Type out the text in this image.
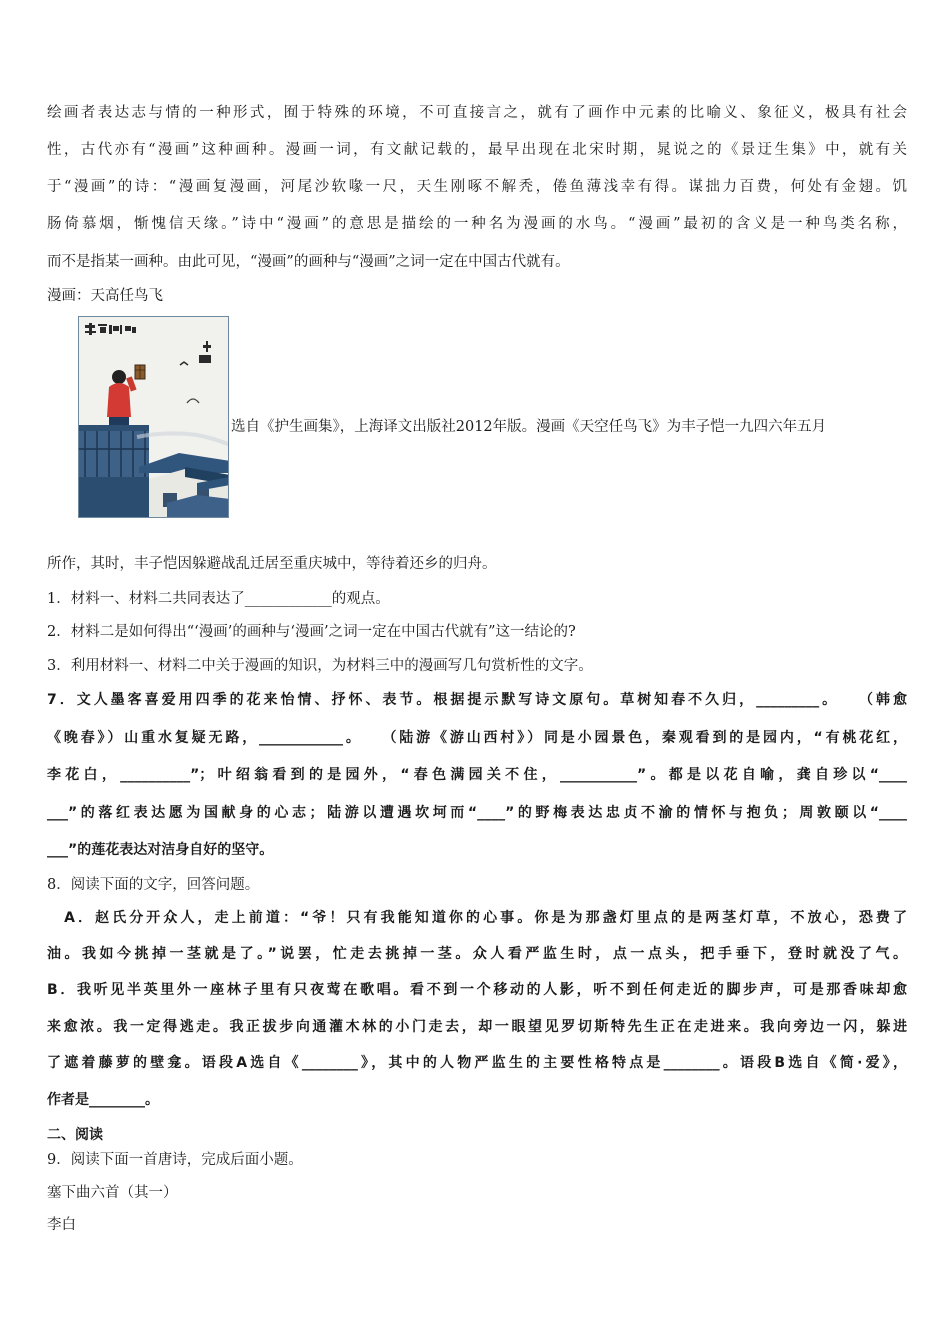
绘画者表达志与情的一种形式，囿于特殊的环境，不可直接言之，就有了画作中元素的比喻义、象征义，极具有社会
性，古代亦有“漫画”这种画种。漫画一词，有文献记载的，最早出现在北宋时期，晁说之的《景迂生集》中，就有关
于“漫画”的诗：“漫画复漫画，河尾沙软喙一尺，天生刚啄不解秃，倦鱼薄浅幸有得。谋拙力百费，何处有金翅。饥
肠倚慕烟，惭愧信天缘。”诗中“漫画”的意思是描绘的一种名为漫画的水鸟。“漫画”最初的含义是一种鸟类名称，
而不是指某一画种。由此可见，“漫画”的画种与“漫画”之词一定在中国古代就有。
漫画：天高任鸟飞
选自《护生画集》，上海译文出版社2012年版。漫画《天空任鸟飞》为丰子恺一九四六年五月
所作，其时，丰子恺因躲避战乱迁居至重庆城中，等待着还乡的归舟。
1．材料一、材料二共同表达了____________的观点。
2．材料二是如何得出“‘漫画’的画种与‘漫画’之词一定在中国古代就有”这一结论的?
3．利用材料一、材料二中关于漫画的知识，为材料三中的漫画写几句赏析性的文字。
7．文人墨客喜爱用四季的花来怡情、抒怀、表节。根据提示默写诗文原句。草树知春不久归，_________。　　（韩愈
《晚春》）山重水复疑无路，____________。　　（陆游《游山西村》）同是小园景色，秦观看到的是园内，“有桃花红，
李花白，__________”；叶绍翁看到的是园外，“春色满园关不住，___________”。都是以花自喻，龚自珍以“____
___”的落红表达愿为国献身的心志；陆游以遭遇坎坷而“____”的野梅表达忠贞不渝的情怀与抱负；周敦颐以“____
___”的莲花表达对洁身自好的坚守。
8．阅读下面的文字，回答问题。
　A．赵氏分开众人，走上前道：“爷！只有我能知道你的心事。你是为那盏灯里点的是两茎灯草，不放心，恐费了
油。我如今挑掉一茎就是了。”说罢，忙走去挑掉一茎。众人看严监生时，点一点头，把手垂下，登时就没了气。
B．我听见半英里外一座林子里有只夜莺在歌唱。看不到一个移动的人影，听不到任何走近的脚步声，可是那香味却愈
来愈浓。我一定得逃走。我正拔步向通灌木林的小门走去，却一眼望见罗切斯特先生正在走进来。我向旁边一闪，躲进
了遮着藤萝的壁龛。语段A选自《________》，其中的人物严监生的主要性格特点是________。语段B选自《简·爱》，
作者是________。
二、阅读
9．阅读下面一首唐诗，完成后面小题。
塞下曲六首（其一）
李白
